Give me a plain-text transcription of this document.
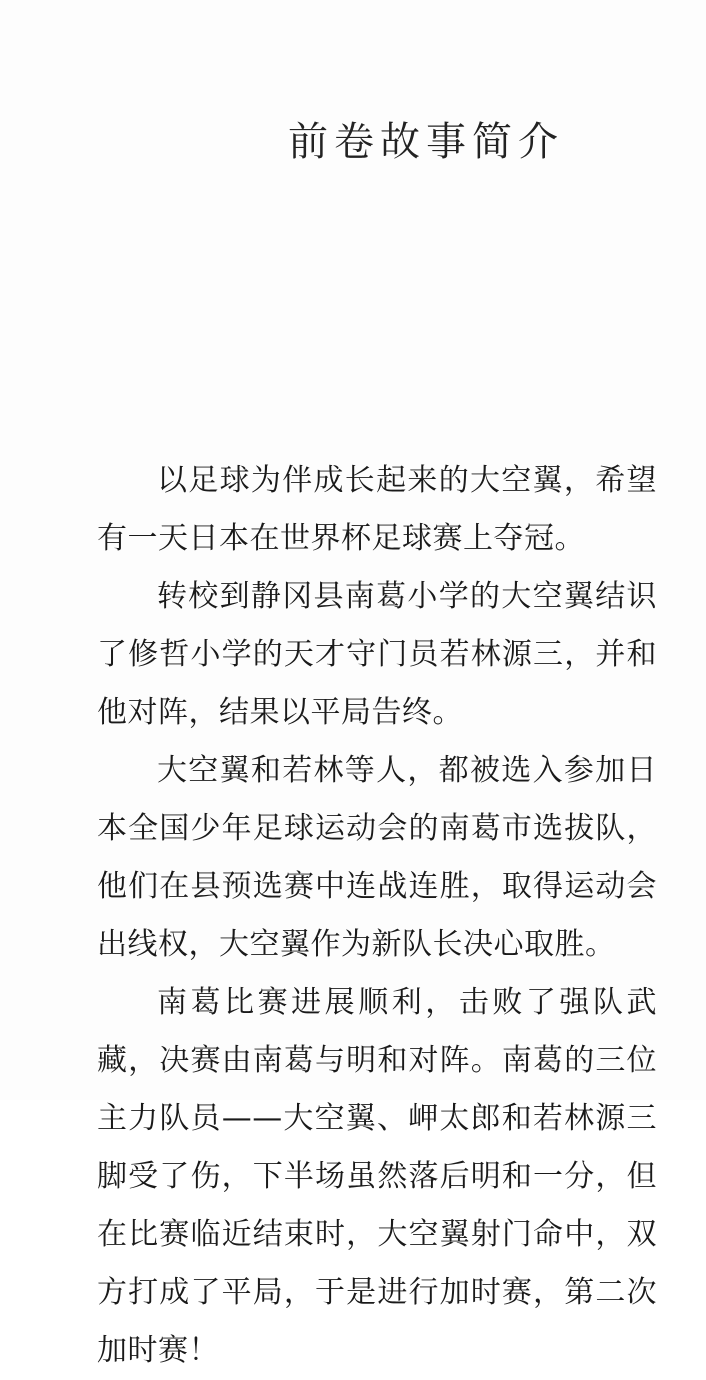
前卷故事简介

以足球为伴成长起来的大空翼，希望有一天日本在世界杯足球赛上夺冠。

转校到静冈县南葛小学的大空翼结识了修哲小学的天才守门员若林源三，并和他对阵，结果以平局告终。

大空翼和若林等人，都被选入参加日本全国少年足球运动会的南葛市选拔队，他们在县预选赛中连战连胜，取得运动会出线权，大空翼作为新队长决心取胜。

南葛比赛进展顺利，击败了强队武藏，决赛由南葛与明和对阵。南葛的三位主力队员——大空翼、岬太郎和若林源三脚受了伤，下半场虽然落后明和一分，但在比赛临近结束时，大空翼射门命中，双方打成了平局，于是进行加时赛，第二次加时赛！
